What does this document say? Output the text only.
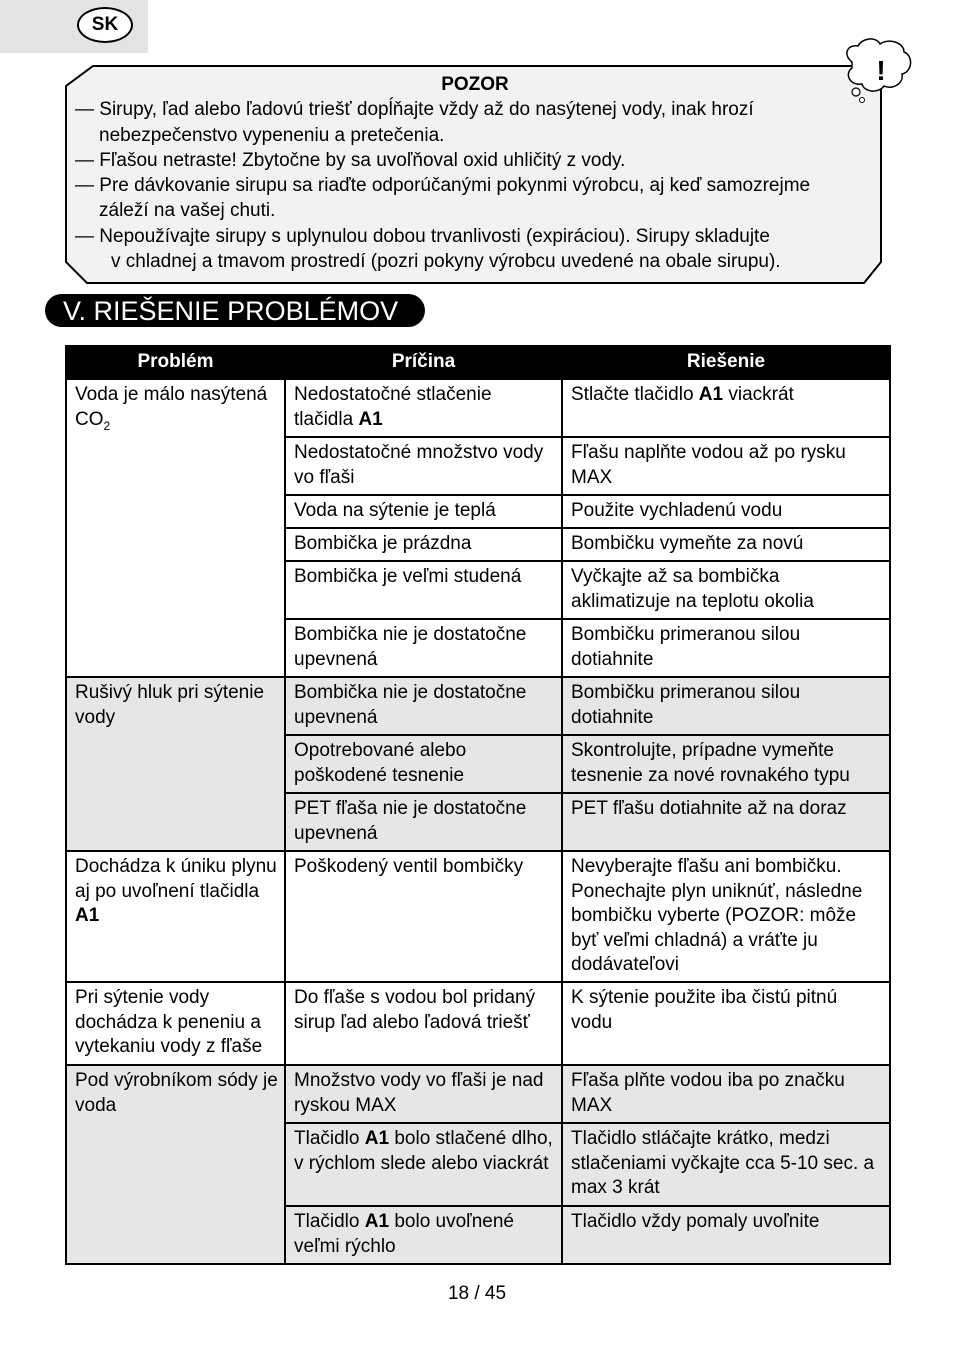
SK
!
POZOR
— Sirupy, ľad alebo ľadovú triešť dopĺňajte vždy až do nasýtenej vody, inak hrozí
nebezpečenstvo vypeneniu a pretečenia.
— Fľašou netraste! Zbytočne by sa uvoľňoval oxid uhličitý z vody.
— Pre dávkovanie sirupu sa riaďte odporúčanými pokynmi výrobcu, aj keď samozrejme
záleží na vašej chuti.
— Nepoužívajte sirupy s uplynulou dobou trvanlivosti (expiráciou). Sirupy skladujte
v chladnej a tmavom prostredí (pozri pokyny výrobcu uvedené na obale sirupu).
V. RIEŠENIE PROBLÉMOV
Problém	Príčina	Riešenie
Voda je málo nasýtená $CO_2$	Nedostatočné stlačenie tlačidla A1	Stlačte tlačidlo A1 viackrát
	Nedostatočné množstvo vody vo fľaši	Fľašu naplňte vodou až po rysku MAX
	Voda na sýtenie je teplá	Použite vychladenú vodu
	Bombička je prázdna	Bombičku vymeňte za novú
	Bombička je veľmi studená	Vyčkajte až sa bombička aklimatizuje na teplotu okolia
	Bombička nie je dostatočne upevnená	Bombičku primeranou silou dotiahnite
Rušivý hluk pri sýtenie vody	Bombička nie je dostatočne upevnená	Bombičku primeranou silou dotiahnite
	Opotrebované alebo poškodené tesnenie	Skontrolujte, prípadne vymeňte tesnenie za nové rovnakého typu
	PET fľaša nie je dostatočne upevnená	PET fľašu dotiahnite až na doraz
Dochádza k úniku plynu aj po uvoľnení tlačidla A1	Poškodený ventil bombičky	Nevyberajte fľašu ani bombičku. Ponechajte plyn uniknúť, následne bombičku vyberte (POZOR: môže byť veľmi chladná) a vráťte ju dodávateľovi
Pri sýtenie vody dochádza k peneniu a vytekaniu vody z fľaše	Do fľaše s vodou bol pridaný sirup ľad alebo ľadová triešť	K sýtenie použite iba čistú pitnú vodu
Pod výrobníkom sódy je voda	Množstvo vody vo fľaši je nad ryskou MAX	Fľaša plňte vodou iba po značku MAX
	Tlačidlo A1 bolo stlačené dlho, v rýchlom slede alebo viackrát	Tlačidlo stláčajte krátko, medzi stlačeniami vyčkajte cca 5-10 sec. a max 3 krát
	Tlačidlo A1 bolo uvoľnené veľmi rýchlo	Tlačidlo vždy pomaly uvoľnite
18 / 45
